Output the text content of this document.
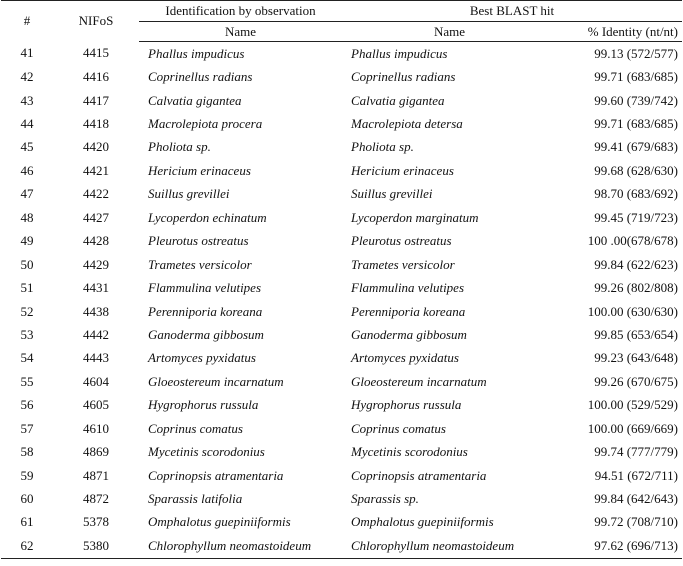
#	NIFoS	Identification by observation	Best BLAST hit	
		Name	Name	% Identity (nt/nt)
41	4415	Phallus impudicus	Phallus impudicus	99.13 (572/577)
42	4416	Coprinellus radians	Coprinellus radians	99.71 (683/685)
43	4417	Calvatia gigantea	Calvatia gigantea	99.60 (739/742)
44	4418	Macrolepiota procera	Macrolepiota detersa	99.71 (683/685)
45	4420	Pholiota sp.	Pholiota sp.	99.41 (679/683)
46	4421	Hericium erinaceus	Hericium erinaceus	99.68 (628/630)
47	4422	Suillus grevillei	Suillus grevillei	98.70 (683/692)
48	4427	Lycoperdon echinatum	Lycoperdon marginatum	99.45 (719/723)
49	4428	Pleurotus ostreatus	Pleurotus ostreatus	100 .00(678/678)
50	4429	Trametes versicolor	Trametes versicolor	99.84 (622/623)
51	4431	Flammulina velutipes	Flammulina velutipes	99.26 (802/808)
52	4438	Perenniporia koreana	Perenniporia koreana	100.00 (630/630)
53	4442	Ganoderma gibbosum	Ganoderma gibbosum	99.85 (653/654)
54	4443	Artomyces pyxidatus	Artomyces pyxidatus	99.23 (643/648)
55	4604	Gloeostereum incarnatum	Gloeostereum incarnatum	99.26 (670/675)
56	4605	Hygrophorus russula	Hygrophorus russula	100.00 (529/529)
57	4610	Coprinus comatus	Coprinus comatus	100.00 (669/669)
58	4869	Mycetinis scorodonius	Mycetinis scorodonius	99.74 (777/779)
59	4871	Coprinopsis atramentaria	Coprinopsis atramentaria	94.51 (672/711)
60	4872	Sparassis latifolia	Sparassis sp.	99.84 (642/643)
61	5378	Omphalotus guepiniiformis	Omphalotus guepiniiformis	99.72 (708/710)
62	5380	Chlorophyllum neomastoideum	Chlorophyllum neomastoideum	97.62 (696/713)
